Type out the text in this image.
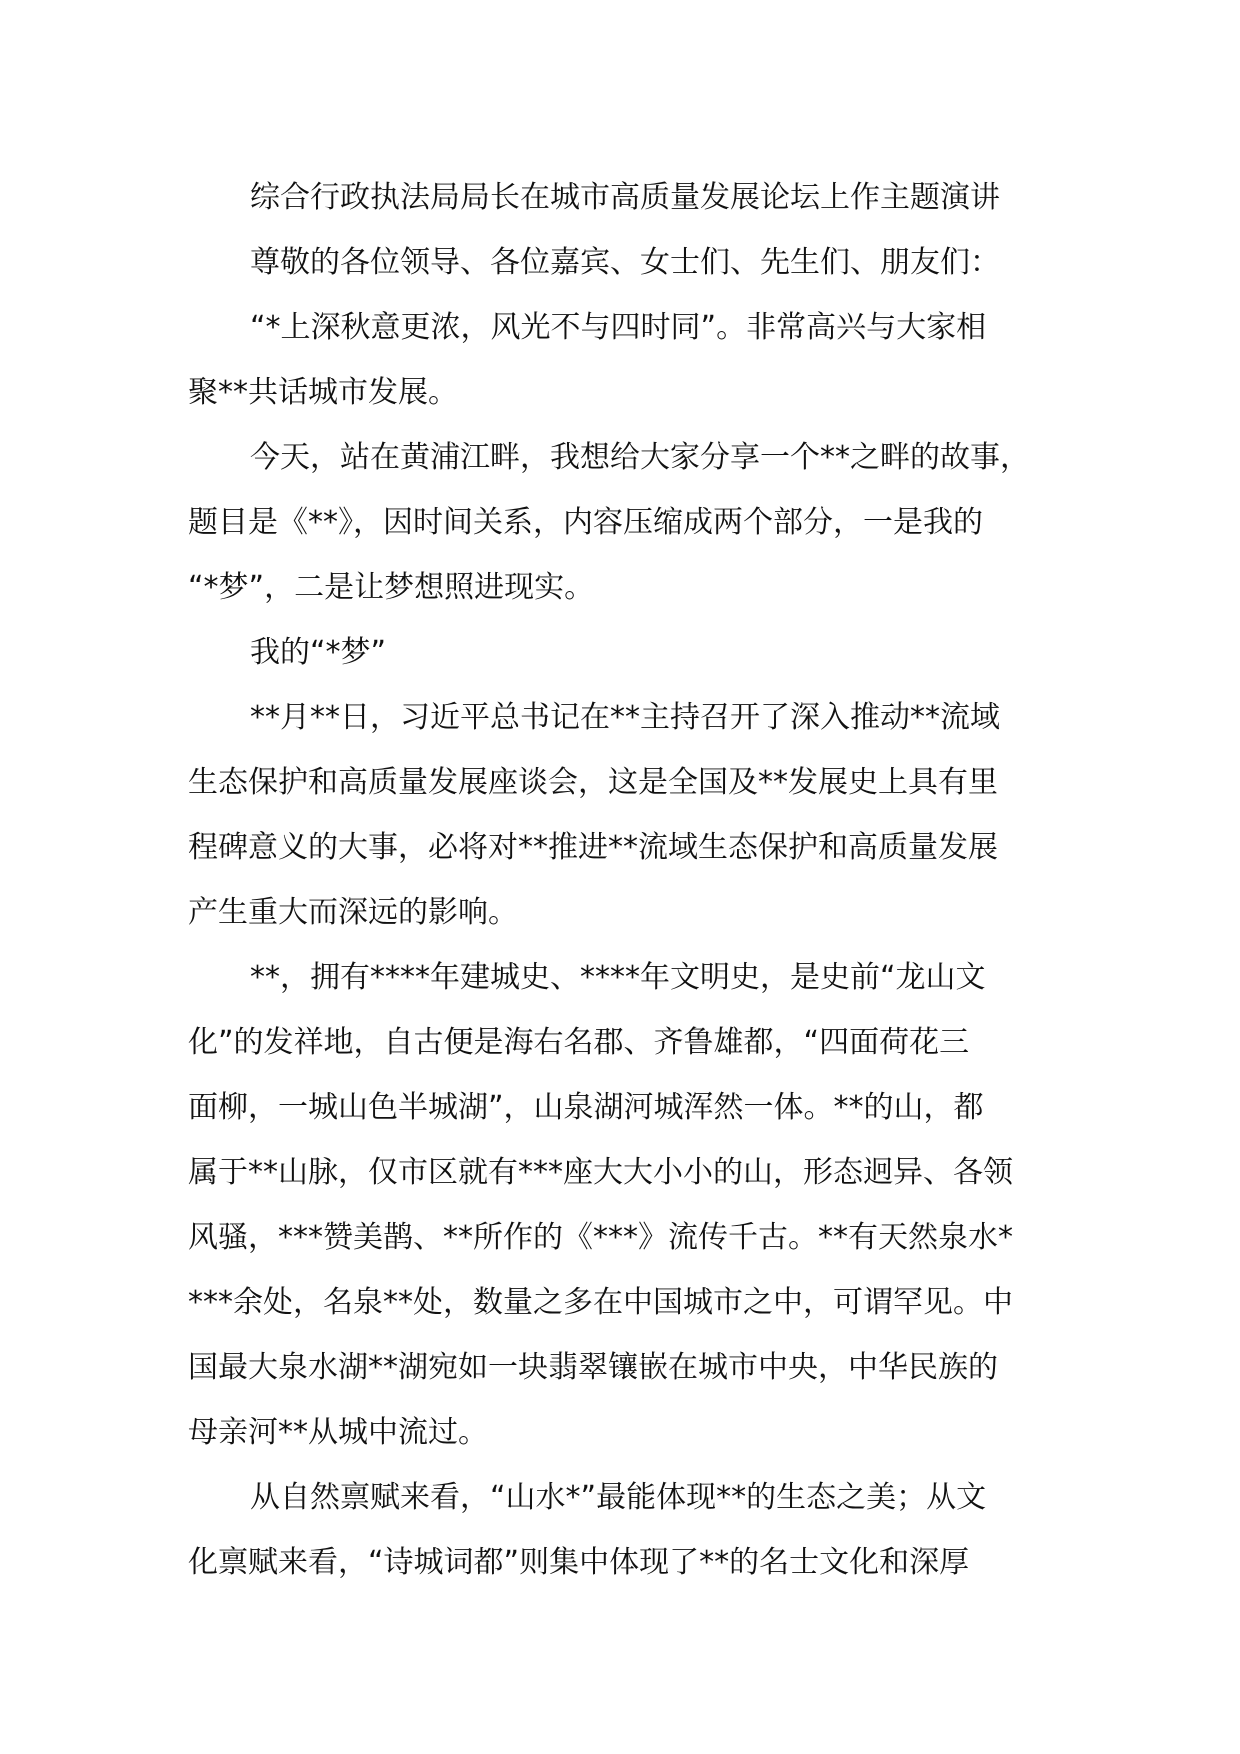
综合行政执法局局长在城市高质量发展论坛上作主题演讲
尊敬的各位领导、各位嘉宾、女士们、先生们、朋友们：
“*上深秋意更浓，风光不与四时同”。非常高兴与大家相
聚**共话城市发展。
今天，站在黄浦江畔，我想给大家分享一个**之畔的故事，
题目是《**》，因时间关系，内容压缩成两个部分，一是我的
“*梦”，二是让梦想照进现实。
我的“*梦”
**月**日，习近平总书记在**主持召开了深入推动**流域
生态保护和高质量发展座谈会，这是全国及**发展史上具有里
程碑意义的大事，必将对**推进**流域生态保护和高质量发展
产生重大而深远的影响。
**，拥有****年建城史、****年文明史，是史前“龙山文
化”的发祥地，自古便是海右名郡、齐鲁雄都，“四面荷花三
面柳，一城山色半城湖”，山泉湖河城浑然一体。**的山，都
属于**山脉，仅市区就有***座大大小小的山，形态迥异、各领
风骚，***赞美鹊、**所作的《***》流传千古。**有天然泉水*
***余处，名泉**处，数量之多在中国城市之中，可谓罕见。中
国最大泉水湖**湖宛如一块翡翠镶嵌在城市中央，中华民族的
母亲河**从城中流过。
从自然禀赋来看，“山水*”最能体现**的生态之美；从文
化禀赋来看，“诗城词都”则集中体现了**的名士文化和深厚
